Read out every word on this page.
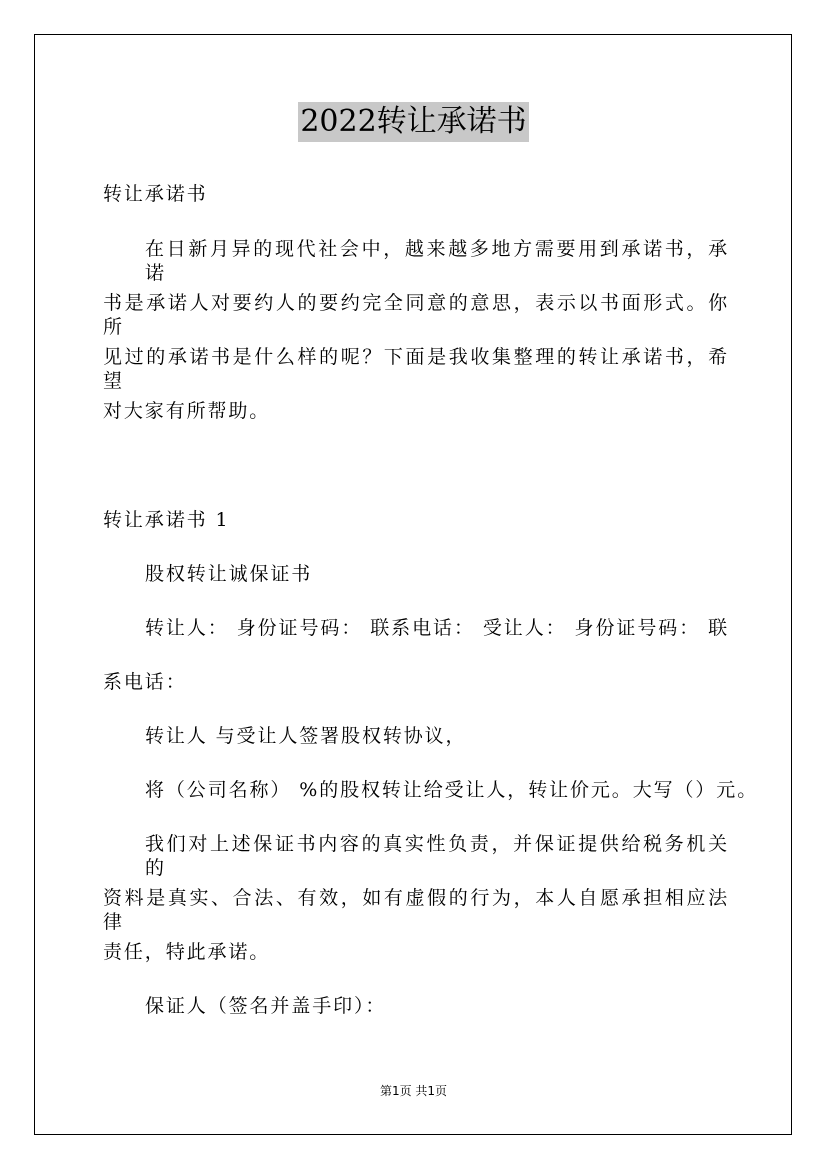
2022转让承诺书
转让承诺书
在日新月异的现代社会中，越来越多地方需要用到承诺书，承诺
书是承诺人对要约人的要约完全同意的意思，表示以书面形式。你所
见过的承诺书是什么样的呢？下面是我收集整理的转让承诺书，希望
对大家有所帮助。
转让承诺书 1
股权转让诚保证书
转让人： 身份证号码： 联系电话： 受让人： 身份证号码： 联
系电话：
转让人 与受让人签署股权转协议，
将（公司名称） %的股权转让给受让人，转让价元。大写（）元。
我们对上述保证书内容的真实性负责，并保证提供给税务机关的
资料是真实、合法、有效，如有虚假的行为，本人自愿承担相应法律
责任，特此承诺。
保证人（签名并盖手印）：
第1页 共1页
